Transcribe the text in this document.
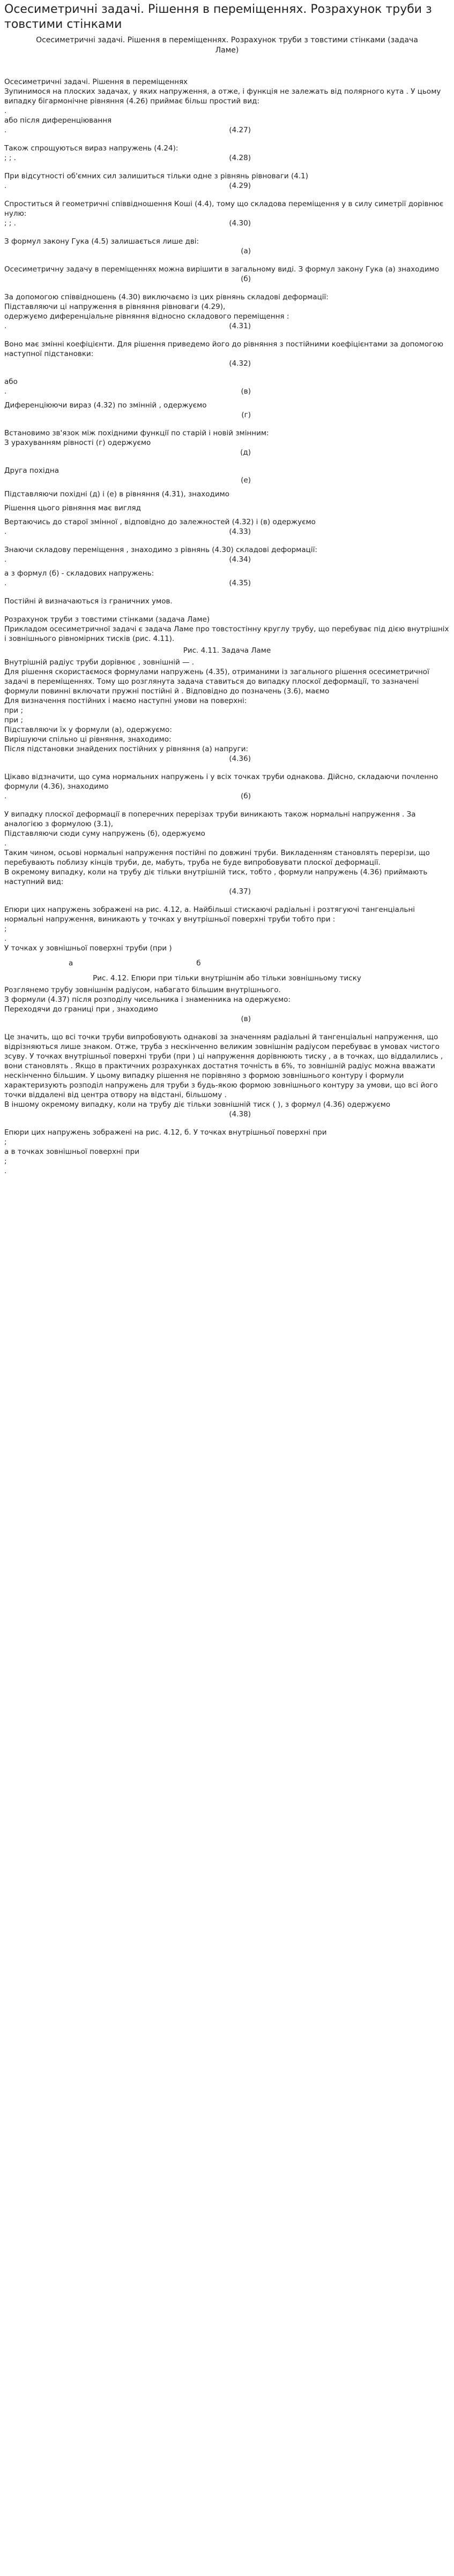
Осесиметричні задачі. Рішення в переміщеннях. Розрахунок труби з товстими стінками
Осесиметричні задачі. Рішення в переміщеннях. Розрахунок труби з товстими стінками (задача Ламе)

Осесиметричні задачі. Рішення в переміщеннях

Зупинимося на плоских задачах, у яких напруження, а отже, і функція не залежать від полярного кута . У цьому випадку бігармонічне рівняння (4.26) приймає більш простий вид:

.

або після диференціювання

.	(4.27)

Також спрощуються вираз напружень (4.24):

; ; .	(4.28)

При відсутності об'ємних сил залишиться тільки одне з рівнянь рівноваги (4.1)

.	(4.29)

Спроститься й геометричні співвідношення Коші (4.4), тому що складова переміщення у в силу симетрії дорівнює нулю:

; ; .	(4.30)

З формул закону Гука (4.5) залишається лише дві:

(а)

Осесиметричну задачу в переміщеннях можна вирішити в загальному виді. З формул закону Гука (а) знаходимо

(б)

За допомогою співвідношень (4.30) виключаємо із цих рівнянь складові деформації:

Підставляючи ці напруження в рівняння рівноваги (4.29),

одержуємо диференціальне рівняння відносно складового переміщення :

.	(4.31)

Воно має змінні коефіцієнти. Для рішення приведемо його до рівняння з постійними коефіцієнтами за допомогою наступної підстановки:

(4.32)

або

.	(в)

Диференціюючи вираз (4.32) по змінній , одержуємо

(г)

Встановимо зв'язок між похідними функції по старій і новій змінним:

З урахуванням рівності (г) одержуємо

(д)

Друга похідна

(е)

Підставляючи похідні (д) і (е) в рівняння (4.31), знаходимо

Рішення цього рівняння має вигляд

Вертаючись до старої змінної , відповідно до залежностей (4.32) і (в) одержуємо

.	(4.33)

Знаючи складову переміщення , знаходимо з рівнянь (4.30) складові деформації:

.	(4.34)

а з формул (б) - складових напружень:

.	(4.35)

Постійні й визначаються із граничних умов.

Розрахунок труби з товстими стінками (задача Ламе)

Прикладом осесиметричної задачі є задача Ламе про товстостінну круглу трубу, що перебуває під дією внутрішніх і зовнішнього рівномірних тисків (рис. 4.11).

Рис. 4.11. Задача Ламе

Внутрішній радіус труби дорівнює , зовнішній — .

Для рішення скористаємося формулами напружень (4.35), отриманими із загального рішення осесиметричної задачі в переміщеннях. Тому що розглянута задача ставиться до випадку плоскої деформації, то зазначені формули повинні включати пружні постійні й . Відповідно до позначень (3.6), маємо

Для визначення постійних і маємо наступні умови на поверхні:

при ;

при ;

Підставляючи їх у формули (а), одержуємо:

Вирішуючи спільно ці рівняння, знаходимо:

Після підстановки знайдених постійних у рівняння (а) напруги:

(4.36)

Цікаво відзначити, що сума нормальних напружень і у всіх точках труби однакова. Дійсно, складаючи почленно формули (4.36), знаходимо

.	(б)

У випадку плоскої деформації в поперечних перерізах труби виникають також нормальні напруження . За аналогією з формулою (3.1),

Підставляючи сюди суму напружень (б), одержуємо

.

Таким чином, осьові нормальні напруження постійні по довжині труби. Викладенням становлять перерізи, що перебувають поблизу кінців труби, де, мабуть, труба не буде випробовувати плоскої деформації.

В окремому випадку, коли на трубу діє тільки внутрішній тиск, тобто , формули напружень (4.36) приймають наступний вид:

(4.37)

Епюри цих напружень зображені на рис. 4.12, а. Найбільші стискаючі радіальні і розтягуючі тангенціальні нормальні напруження, виникають у точках у внутрішньої поверхні труби тобто при :

;

.

У точках у зовнішньої поверхні труби (при )

а	б
Рис. 4.12. Епюри при тільки внутрішнім або тільки зовнішньому тиску

Розглянемо трубу зовнішнім радіусом, набагато більшим внутрішнього.

З формули (4.37) після розподілу чисельника і знаменника на одержуємо:

Переходячи до границі при , знаходимо

(в)

Це значить, що всі точки труби випробовують однакові за значенням радіальні й тангенціальні напруження, що відрізняються лише знаком. Отже, труба з нескінченно великим зовнішнім радіусом перебуває в умовах чистого зсуву. У точках внутрішньої поверхні труби (при ) ці напруження дорівнюють тиску , а в точках, що віддалились , вони становлять . Якщо в практичних розрахунках достатня точність в 6%, то зовнішній радіус можна вважати нескінченно більшим. У цьому випадку рішення не порівняно з формою зовнішнього контуру і формули характеризують розподіл напружень для труби з будь-якою формою зовнішнього контуру за умови, що всі його точки віддалені від центра отвору на відстані, більшому .

В іншому окремому випадку, коли на трубу діє тільки зовнішній тиск ( ), з формул (4.36) одержуємо

(4.38)

Епюри цих напружень зображені на рис. 4.12, б. У точках внутрішньої поверхні при

;

а в точках зовнішньої поверхні при

;

.
